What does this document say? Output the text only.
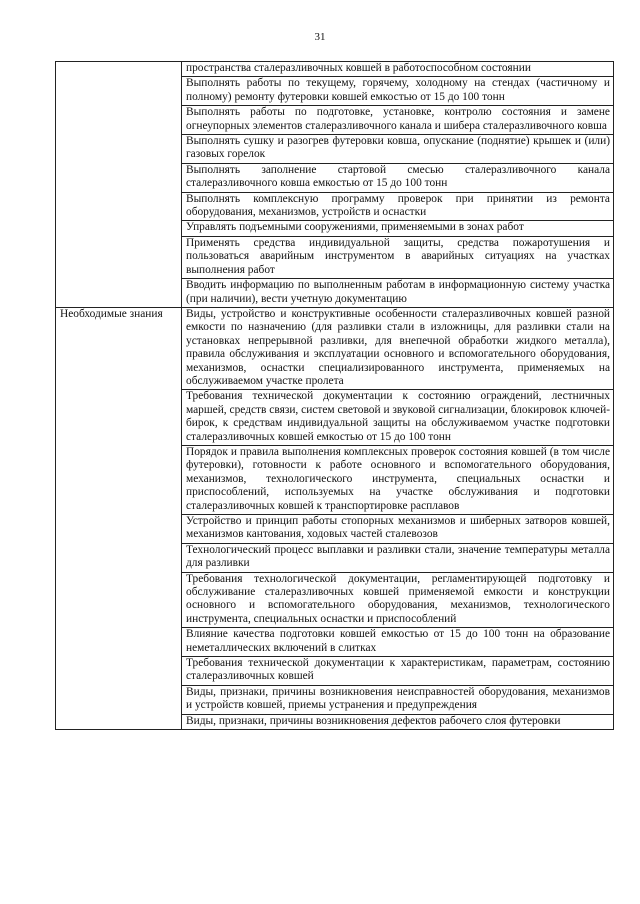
31
	пространства сталеразливочных ковшей в работоспособном состоянии
	Выполнять работы по текущему, горячему, холодному на стендах (частичному и полному) ремонту футеровки ковшей емкостью от 15 до 100 тонн
	Выполнять работы по подготовке, установке, контролю состояния и замене огнеупорных элементов сталеразливочного канала и шибера сталеразливочного ковша
	Выполнять сушку и разогрев футеровки ковша, опускание (поднятие) крышек и (или) газовых горелок
	Выполнять заполнение стартовой смесью сталеразливочного канала сталеразливочного ковша емкостью от 15 до 100 тонн
	Выполнять комплексную программу проверок при принятии из ремонта оборудования, механизмов, устройств и оснастки
	Управлять подъемными сооружениями, применяемыми в зонах работ
	Применять средства индивидуальной защиты, средства пожаротушения и пользоваться аварийным инструментом в аварийных ситуациях на участках выполнения работ
	Вводить информацию по выполненным работам в информационную систему участка (при наличии), вести учетную документацию
Необходимые знания	Виды, устройство и конструктивные особенности сталеразливочных ковшей разной емкости по назначению (для разливки стали в изложницы, для разливки стали на установках непрерывной разливки, для внепечной обработки жидкого металла), правила обслуживания и эксплуатации основного и вспомогательного оборудования, механизмов, оснастки специализированного инструмента, применяемых на обслуживаемом участке пролета
	Требования технической документации к состоянию ограждений, лестничных маршей, средств связи, систем световой и звуковой сигнализации, блокировок ключей-бирок, к средствам индивидуальной защиты на обслуживаемом участке подготовки сталеразливочных ковшей емкостью от 15 до 100 тонн
	Порядок и правила выполнения комплексных проверок состояния ковшей (в том числе футеровки), готовности к работе основного и вспомогательного оборудования, механизмов, технологического инструмента, специальных оснастки и приспособлений, используемых на участке обслуживания и подготовки сталеразливочных ковшей к транспортировке расплавов
	Устройство и принцип работы стопорных механизмов и шиберных затворов ковшей, механизмов кантования, ходовых частей сталевозов
	Технологический процесс выплавки и разливки стали, значение температуры металла для разливки
	Требования технологической документации, регламентирующей подготовку и обслуживание сталеразливочных ковшей применяемой емкости и конструкции основного и вспомогательного оборудования, механизмов, технологического инструмента, специальных оснастки и приспособлений
	Влияние качества подготовки ковшей емкостью от 15 до 100 тонн на образование неметаллических включений в слитках
	Требования технической документации к характеристикам, параметрам, состоянию сталеразливочных ковшей
	Виды, признаки, причины возникновения неисправностей оборудования, механизмов и устройств ковшей, приемы устранения и предупреждения
	Виды, признаки, причины возникновения дефектов рабочего слоя футеровки
